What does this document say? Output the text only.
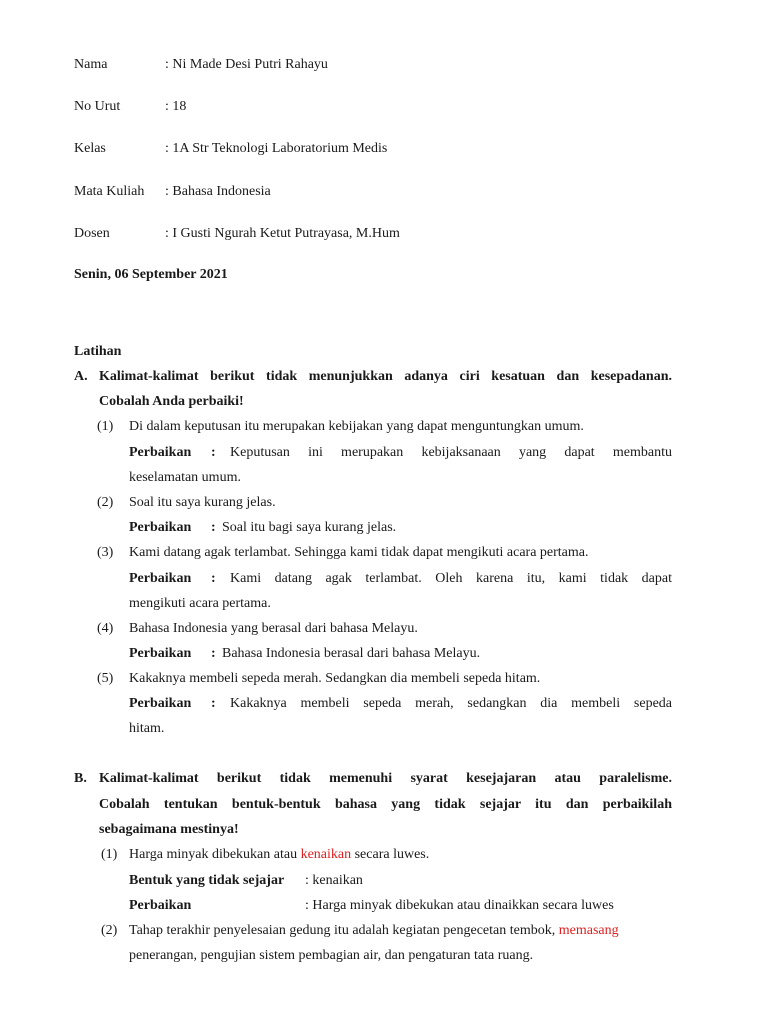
Nama	: Ni Made Desi Putri Rahayu
No Urut	: 18
Kelas	: 1A Str Teknologi Laboratorium Medis
Mata Kuliah : Bahasa Indonesia
Dosen	: I Gusti Ngurah Ketut Putrayasa, M.Hum
Senin, 06 September 2021
Latihan
A. Kalimat-kalimat berikut tidak menunjukkan adanya ciri kesatuan dan kesepadanan.
Cobalah Anda perbaiki!
(1) Di dalam keputusan itu merupakan kebijakan yang dapat menguntungkan umum.
Perbaikan : Keputusan ini merupakan kebijaksanaan yang dapat membantu
keselamatan umum.
(2) Soal itu saya kurang jelas.
Perbaikan : Soal itu bagi saya kurang jelas.
(3) Kami datang agak terlambat. Sehingga kami tidak dapat mengikuti acara pertama.
Perbaikan : Kami datang agak terlambat. Oleh karena itu, kami tidak dapat
mengikuti acara pertama.
(4) Bahasa Indonesia yang berasal dari bahasa Melayu.
Perbaikan : Bahasa Indonesia berasal dari bahasa Melayu.
(5) Kakaknya membeli sepeda merah. Sedangkan dia membeli sepeda hitam.
Perbaikan : Kakaknya membeli sepeda merah, sedangkan dia membeli sepeda
hitam.
B. Kalimat-kalimat berikut tidak memenuhi syarat kesejajaran atau paralelisme.
Cobalah tentukan bentuk-bentuk bahasa yang tidak sejajar itu dan perbaikilah
sebagaimana mestinya!
(1) Harga minyak dibekukan atau kenaikan secara luwes.
Bentuk yang tidak sejajar : kenaikan
Perbaikan	: Harga minyak dibekukan atau dinaikkan secara luwes
(2) Tahap terakhir penyelesaian gedung itu adalah kegiatan pengecetan tembok, memasang
penerangan, pengujian sistem pembagian air, dan pengaturan tata ruang.
